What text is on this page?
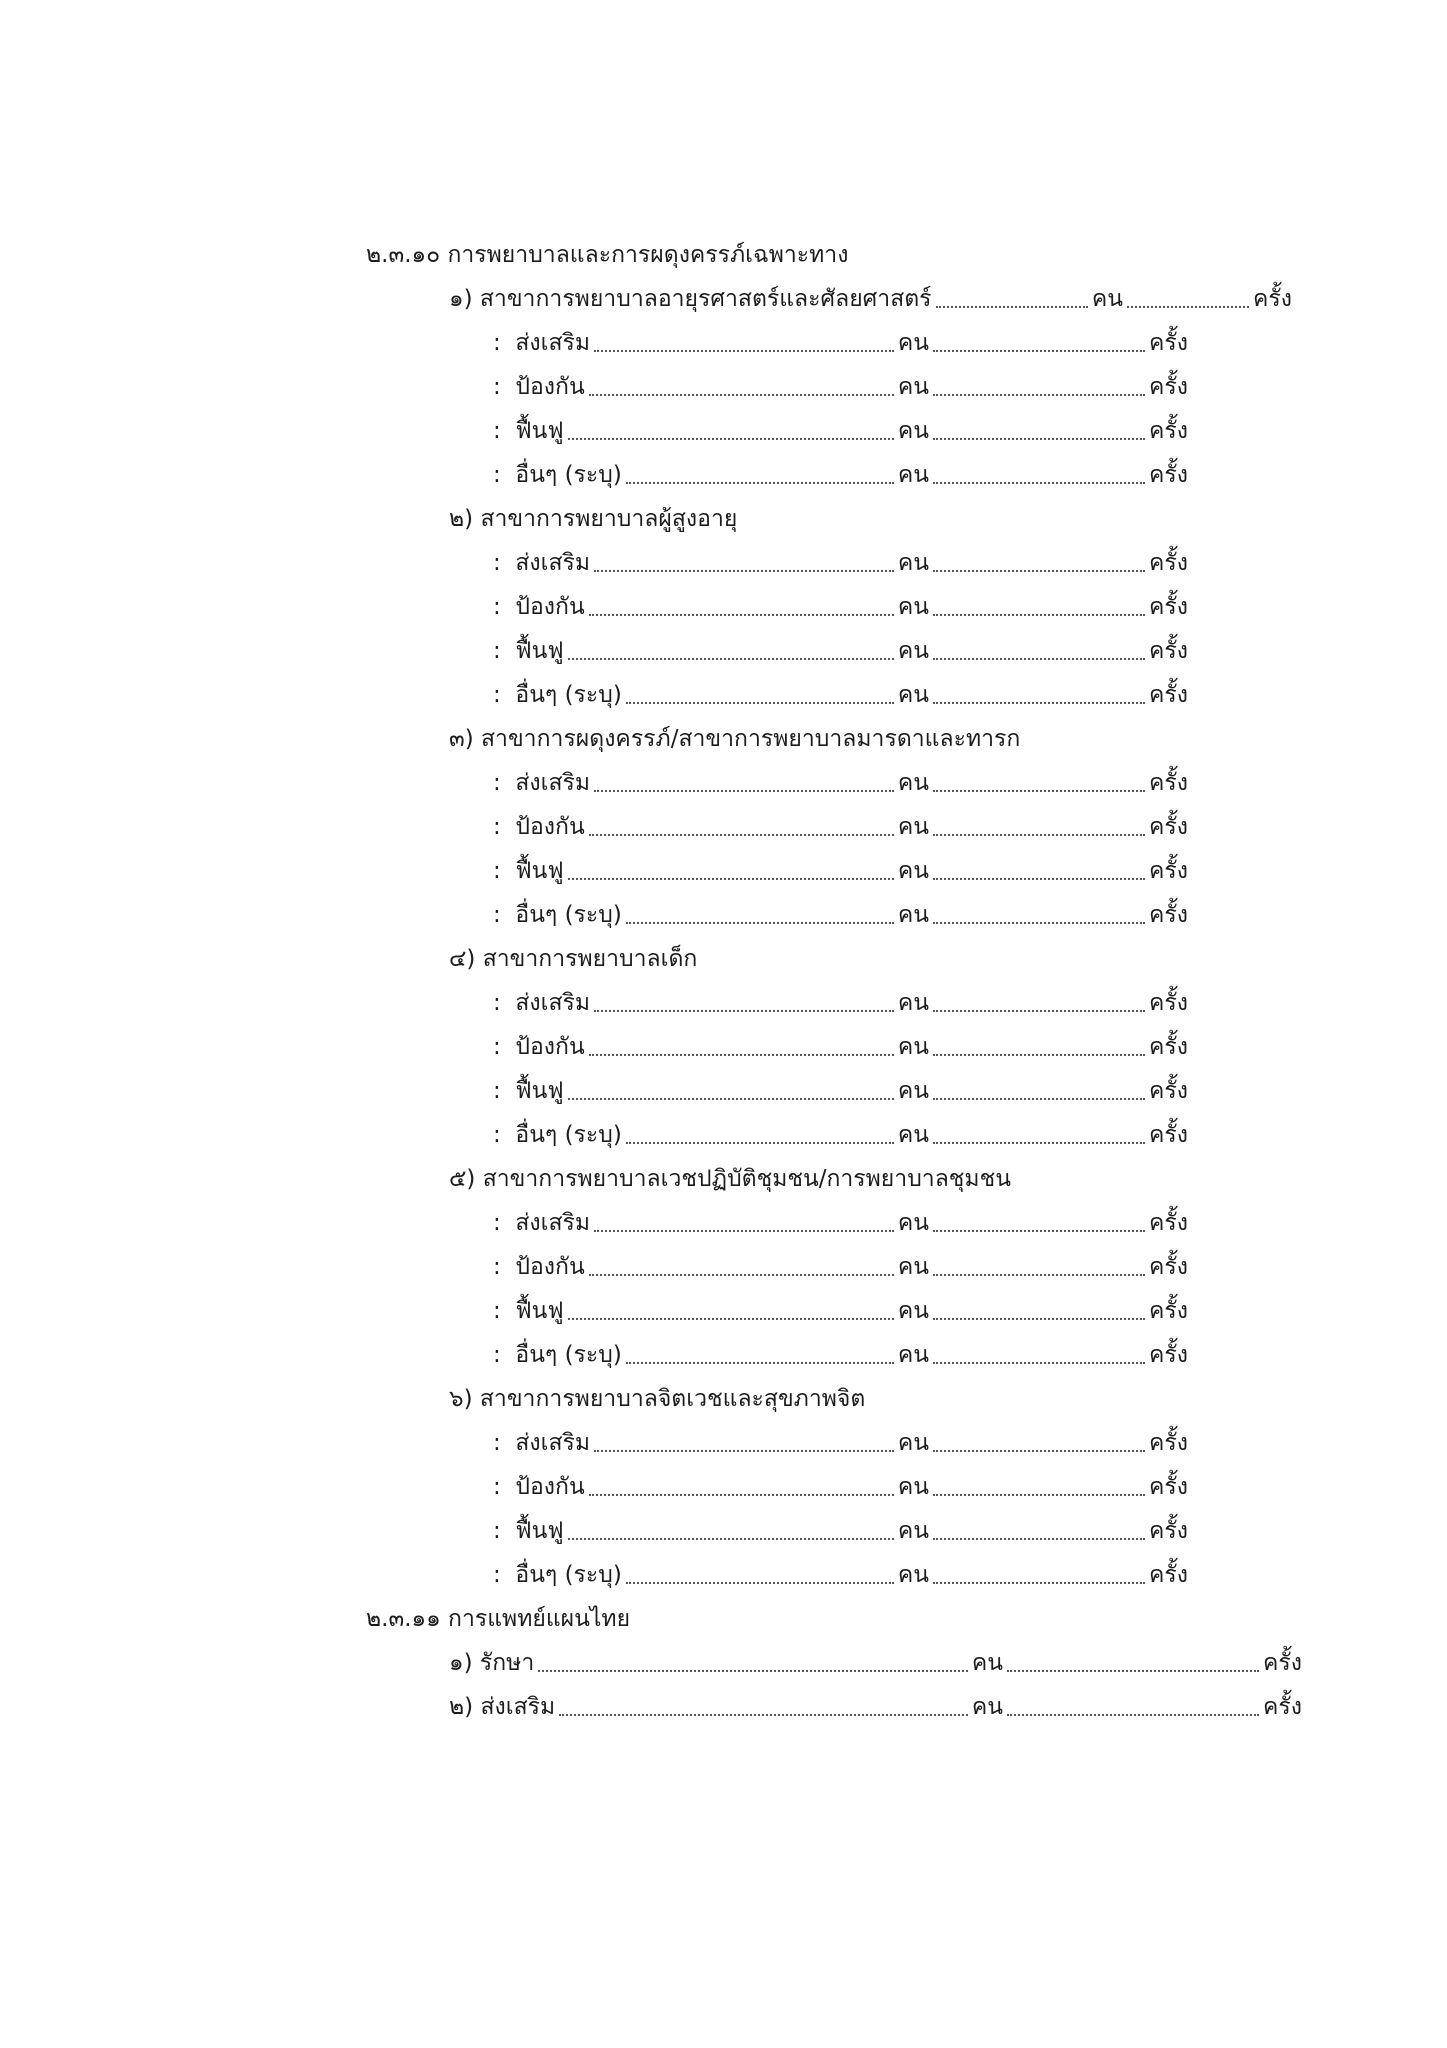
๒.๓.๑๐ การพยาบาลและการผดุงครรภ์เฉพาะทาง
๑) สาขาการพยาบาลอายุรศาสตร์และศัลยศาสตร์	คน	ครั้ง
:
ส่งเสริม	คน	ครั้ง
:
ป้องกัน	คน	ครั้ง
:
ฟื้นฟู	คน	ครั้ง
:
อื่นๆ (ระบุ)	คน	ครั้ง
๒) สาขาการพยาบาลผู้สูงอายุ
:
ส่งเสริม	คน	ครั้ง
:
ป้องกัน	คน	ครั้ง
:
ฟื้นฟู	คน	ครั้ง
:
อื่นๆ (ระบุ)	คน	ครั้ง
๓) สาขาการผดุงครรภ์/สาขาการพยาบาลมารดาและทารก
:
ส่งเสริม	คน	ครั้ง
:
ป้องกัน	คน	ครั้ง
:
ฟื้นฟู	คน	ครั้ง
:
อื่นๆ (ระบุ)	คน	ครั้ง
๔) สาขาการพยาบาลเด็ก
:
ส่งเสริม	คน	ครั้ง
:
ป้องกัน	คน	ครั้ง
:
ฟื้นฟู	คน	ครั้ง
:
อื่นๆ (ระบุ)	คน	ครั้ง
๕) สาขาการพยาบาลเวชปฏิบัติชุมชน/การพยาบาลชุมชน
:
ส่งเสริม	คน	ครั้ง
:
ป้องกัน	คน	ครั้ง
:
ฟื้นฟู	คน	ครั้ง
:
อื่นๆ (ระบุ)	คน	ครั้ง
๖) สาขาการพยาบาลจิตเวชและสุขภาพจิต
:
ส่งเสริม	คน	ครั้ง
:
ป้องกัน	คน	ครั้ง
:
ฟื้นฟู	คน	ครั้ง
:
อื่นๆ (ระบุ)	คน	ครั้ง
๒.๓.๑๑ การแพทย์แผนไทย
๑) รักษา	คน	ครั้ง
๒) ส่งเสริม	คน	ครั้ง
